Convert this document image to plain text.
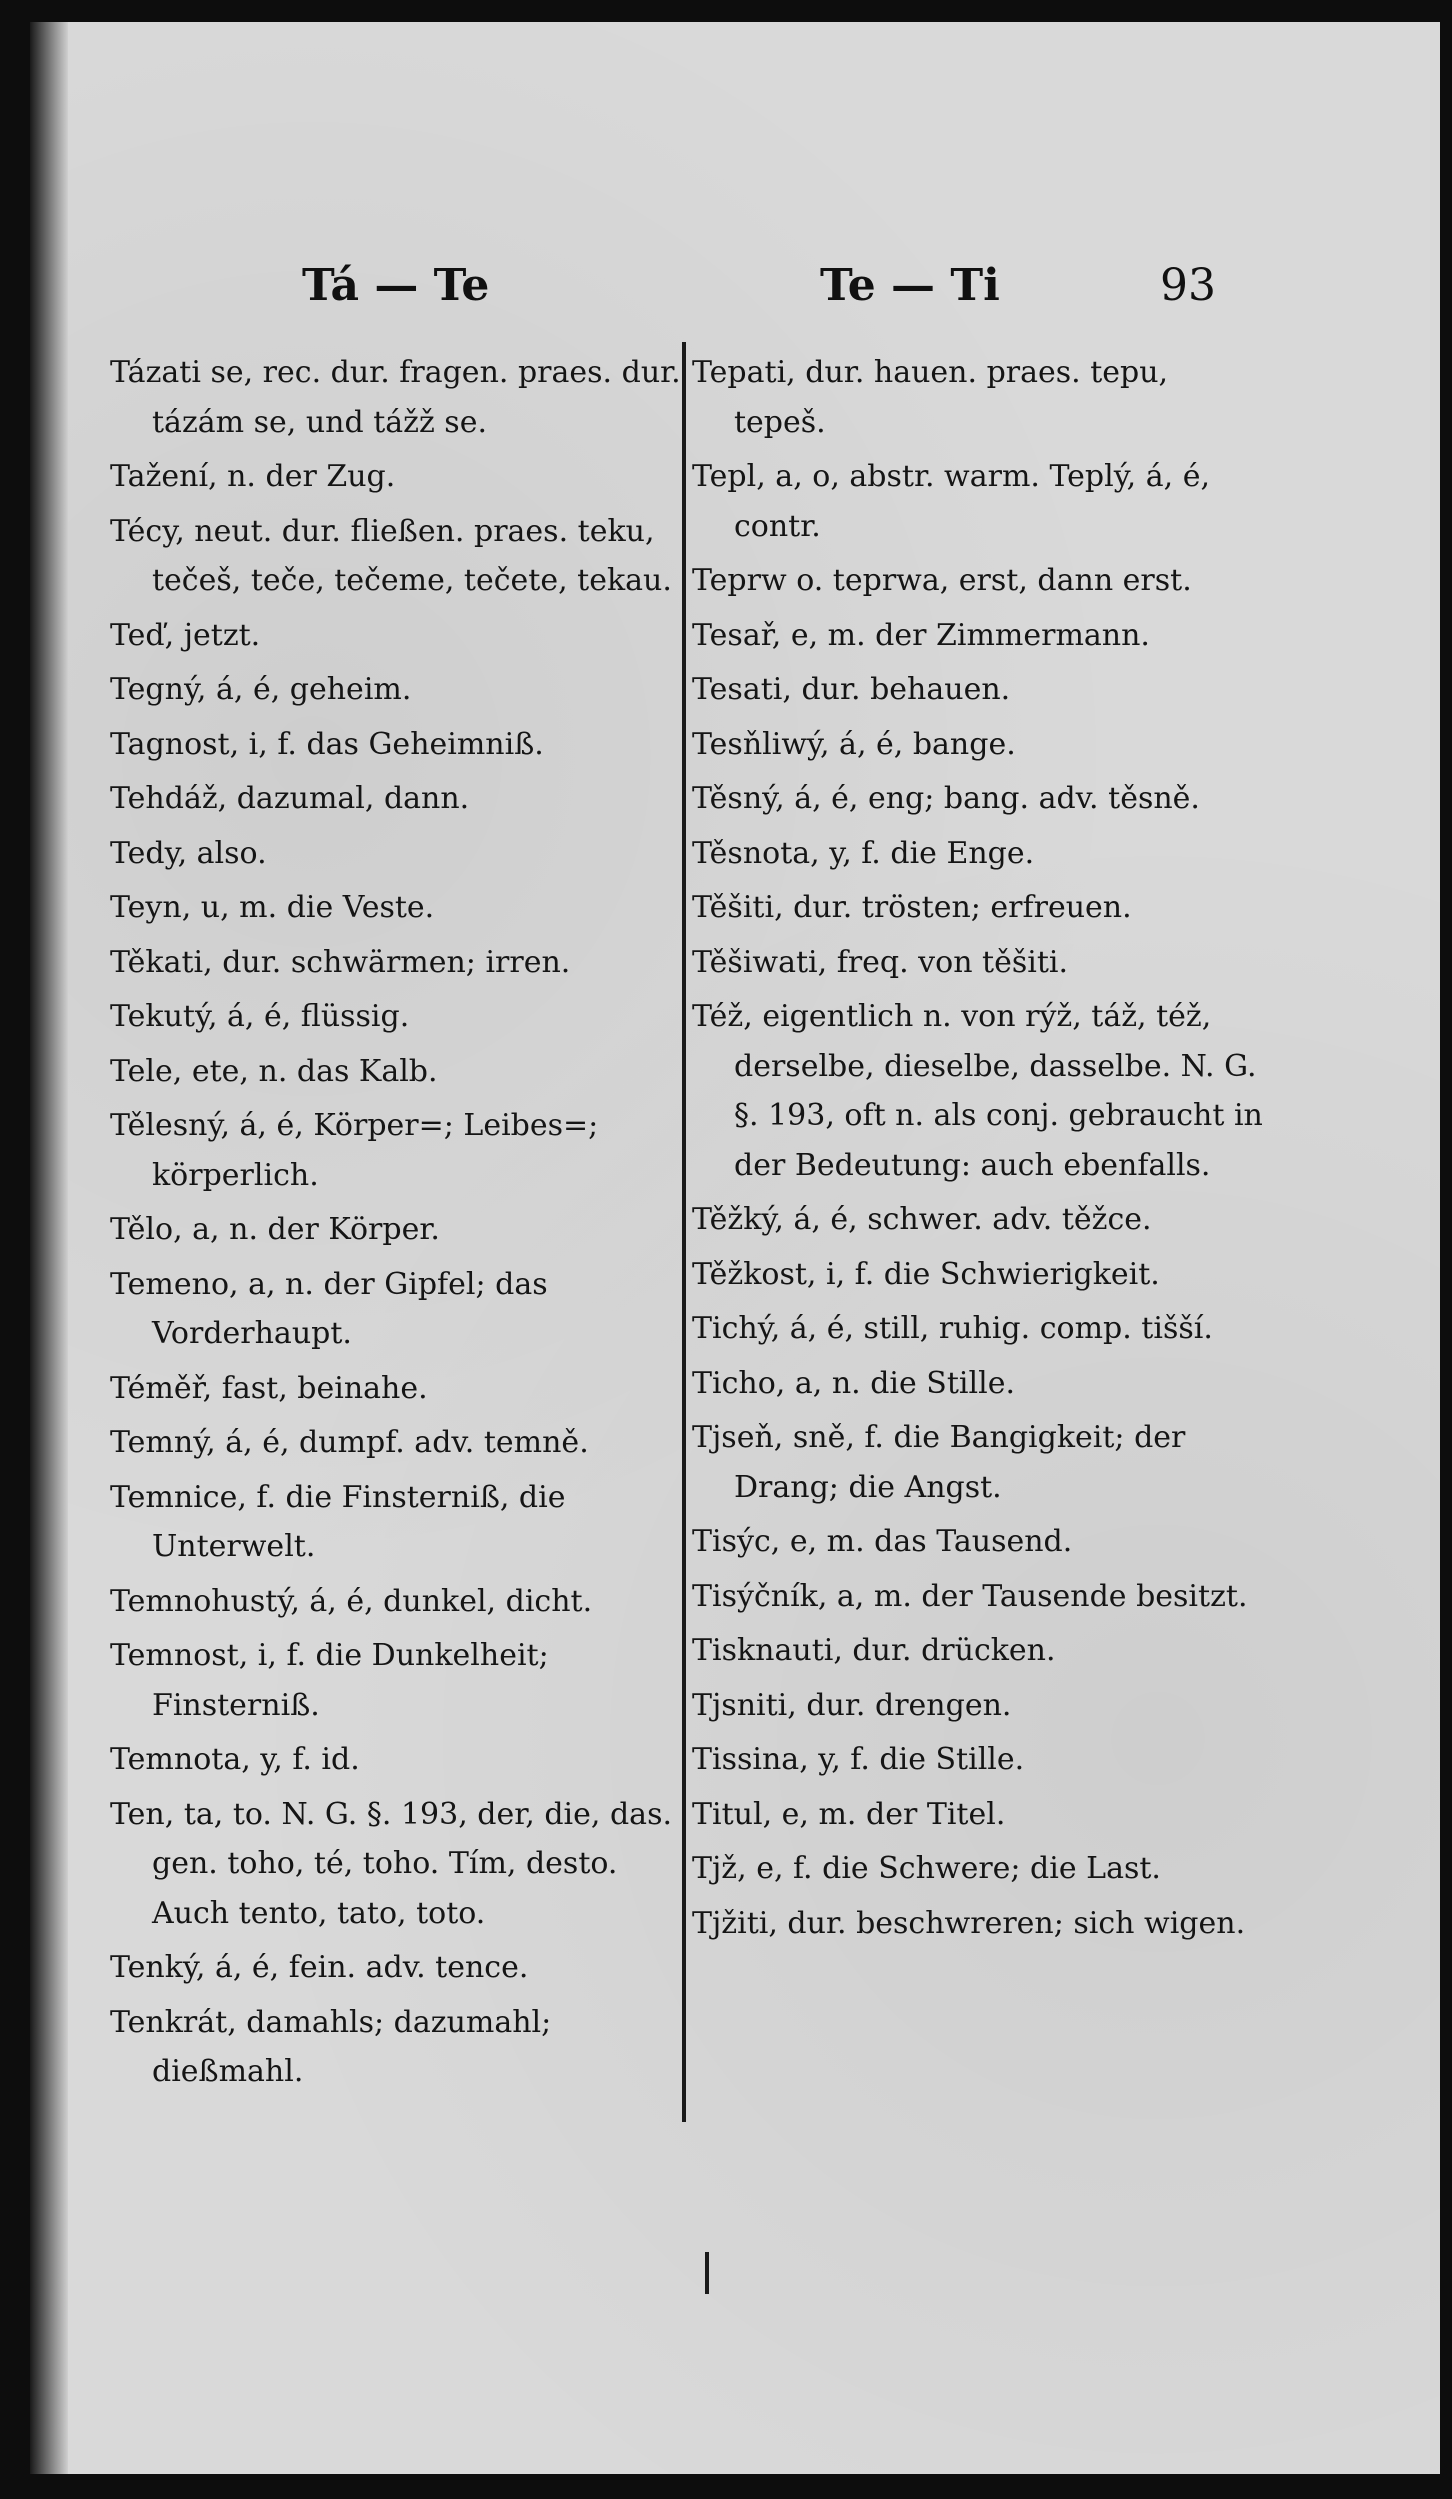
Tá — Te	Te — Ti	93

Tázati se, rec. dur. fragen. praes. dur. tázám se, und tážž se.

Tažení, n. der Zug.

Técy, neut. dur. fließen. praes. teku, tečeš, teče, tečeme, tečete, tekau.

Teď, jetzt.

Tegný, á, é, geheim.

Tagnost, i, f. das Geheimniß.

Tehdáž, dazumal, dann.

Tedy, also.

Teyn, u, m. die Veste.

Těkati, dur. schwärmen; irren.

Tekutý, á, é, flüssig.

Tele, ete, n. das Kalb.

Tělesný, á, é, Körper=; Leibes=; körperlich.

Tělo, a, n. der Körper.

Temeno, a, n. der Gipfel; das Vorderhaupt.

Téměř, fast, beinahe.

Temný, á, é, dumpf. adv. temně.

Temnice, f. die Finsterniß, die Unterwelt.

Temnohustý, á, é, dunkel, dicht.

Temnost, i, f. die Dunkelheit; Finsterniß.

Temnota, y, f. id.

Ten, ta, to. N. G. §. 193, der, die, das. gen. toho, té, toho. Tím, desto. Auch tento, tato, toto.

Tenký, á, é, fein. adv. tence.

Tenkrát, damahls; dazumahl; dießmahl.

Tepati, dur. hauen. praes. tepu, tepeš.

Tepl, a, o, abstr. warm. Teplý, á, é, contr.

Teprw o. teprwa, erst, dann erst.

Tesař, e, m. der Zimmermann.

Tesati, dur. behauen.

Tesňliwý, á, é, bange.

Těsný, á, é, eng; bang. adv. těsně.

Těsnota, y, f. die Enge.

Těšiti, dur. trösten; erfreuen.

Těšiwati, freq. von těšiti.

Též, eigentlich n. von rýž, táž, též, derselbe, dieselbe, dasselbe. N. G. §. 193, oft n. als conj. gebraucht in der Bedeutung: auch ebenfalls.

Těžký, á, é, schwer. adv. těžce.

Těžkost, i, f. die Schwierigkeit.

Tichý, á, é, still, ruhig. comp. tišší.

Ticho, a, n. die Stille.

Tjseň, sně, f. die Bangigkeit; der Drang; die Angst.

Tisýc, e, m. das Tausend.

Tisýčník, a, m. der Tausende besitzt.

Tisknauti, dur. drücken.

Tjsniti, dur. drengen.

Tissina, y, f. die Stille.

Titul, e, m. der Titel.

Tjž, e, f. die Schwere; die Last.

Tjžiti, dur. beschwreren; sich wigen.
